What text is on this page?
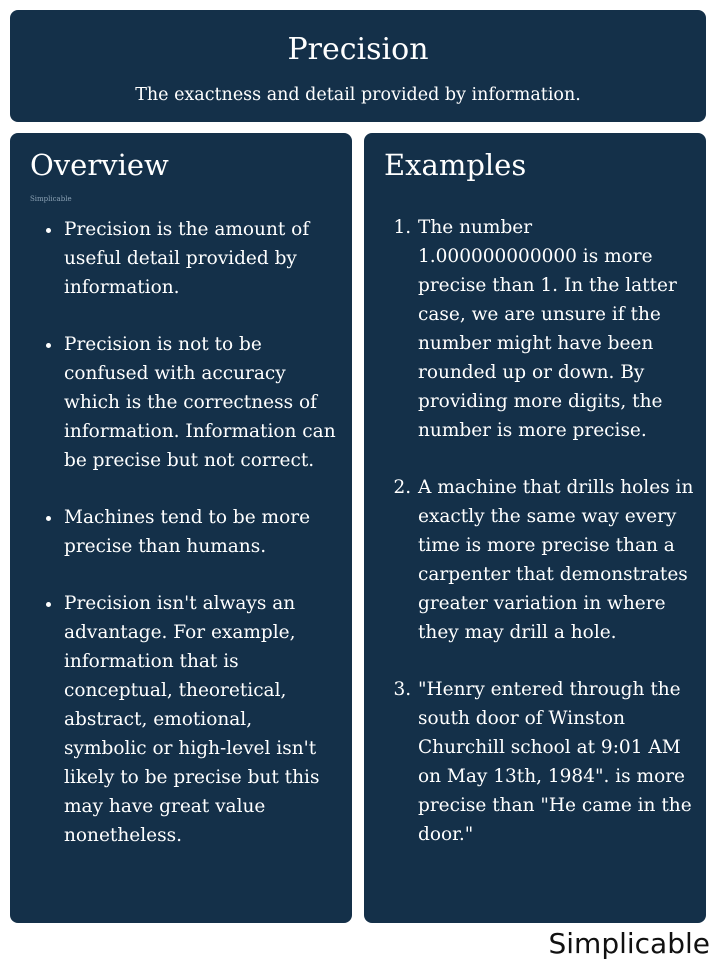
Precision
The exactness and detail provided by information.
Overview
Simplicable
• Precision is the amount of useful detail provided by information.
• Precision is not to be confused with accuracy which is the correctness of information. Information can be precise but not correct.
• Machines tend to be more precise than humans.
• Precision isn't always an advantage. For example, information that is conceptual, theoretical, abstract, emotional, symbolic or high-level isn't likely to be precise but this may have great value nonetheless.
Examples
1. The number 1.000000000000 is more precise than 1. In the latter case, we are unsure if the number might have been rounded up or down. By providing more digits, the number is more precise.
2. A machine that drills holes in exactly the same way every time is more precise than a carpenter that demonstrates greater variation in where they may drill a hole.
3. "Henry entered through the south door of Winston Churchill school at 9:01 AM on May 13th, 1984". is more precise than "He came in the door."
Simplicable
